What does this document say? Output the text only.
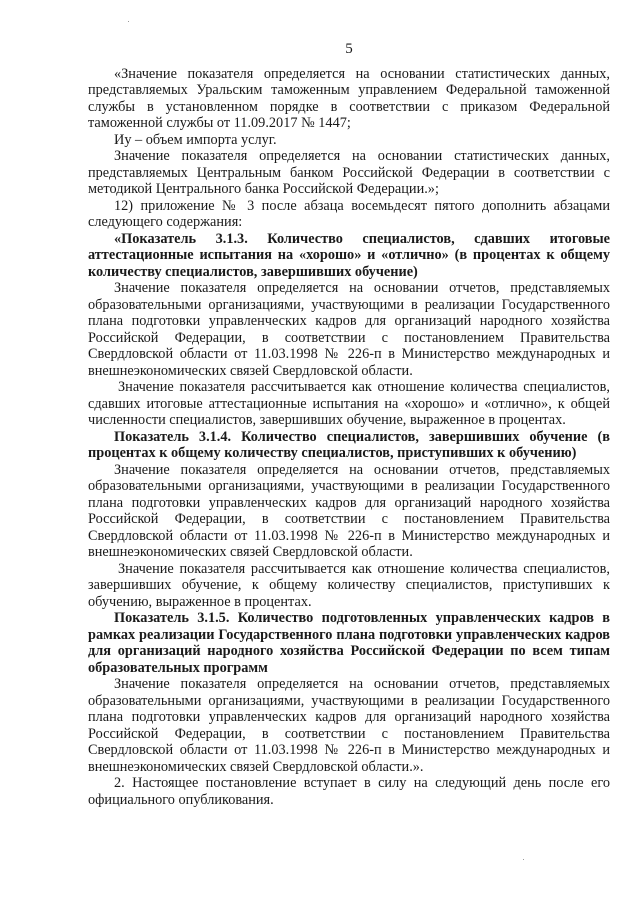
5

«Значение показателя определяется на основании статистических данных, представляемых Уральским таможенным управлением Федеральной таможенной службы в установленном порядке в соответствии с приказом Федеральной таможенной службы от 11.09.2017 № 1447;

Иу – объем импорта услуг.

Значение показателя определяется на основании статистических данных, представляемых Центральным банком Российской Федерации в соответствии с методикой Центрального банка Российской Федерации.»;

12) приложение № 3 после абзаца восемьдесят пятого дополнить абзацами следующего содержания:

«Показатель 3.1.3. Количество специалистов, сдавших итоговые аттестационные испытания на «хорошо» и «отлично» (в процентах к общему количеству специалистов, завершивших обучение)

Значение показателя определяется на основании отчетов, представляемых образовательными организациями, участвующими в реализации Государственного плана подготовки управленческих кадров для организаций народного хозяйства Российской Федерации, в соответствии с постановлением Правительства Свердловской области от 11.03.1998 № 226-п в Министерство международных и внешнеэкономических связей Свердловской области.

Значение показателя рассчитывается как отношение количества специалистов, сдавших итоговые аттестационные испытания на «хорошо» и «отлично», к общей численности специалистов, завершивших обучение, выраженное в процентах.

Показатель 3.1.4. Количество специалистов, завершивших обучение (в процентах к общему количеству специалистов, приступивших к обучению)

Значение показателя определяется на основании отчетов, представляемых образовательными организациями, участвующими в реализации Государственного плана подготовки управленческих кадров для организаций народного хозяйства Российской Федерации, в соответствии с постановлением Правительства Свердловской области от 11.03.1998 № 226-п в Министерство международных и внешнеэкономических связей Свердловской области.

Значение показателя рассчитывается как отношение количества специалистов, завершивших обучение, к общему количеству специалистов, приступивших к обучению, выраженное в процентах.

Показатель 3.1.5. Количество подготовленных управленческих кадров в рамках реализации Государственного плана подготовки управленческих кадров для организаций народного хозяйства Российской Федерации по всем типам образовательных программ

Значение показателя определяется на основании отчетов, представляемых образовательными организациями, участвующими в реализации Государственного плана подготовки управленческих кадров для организаций народного хозяйства Российской Федерации, в соответствии с постановлением Правительства Свердловской области от 11.03.1998 № 226-п в Министерство международных и внешнеэкономических связей Свердловской области.».

2. Настоящее постановление вступает в силу на следующий день после его официального опубликования.
